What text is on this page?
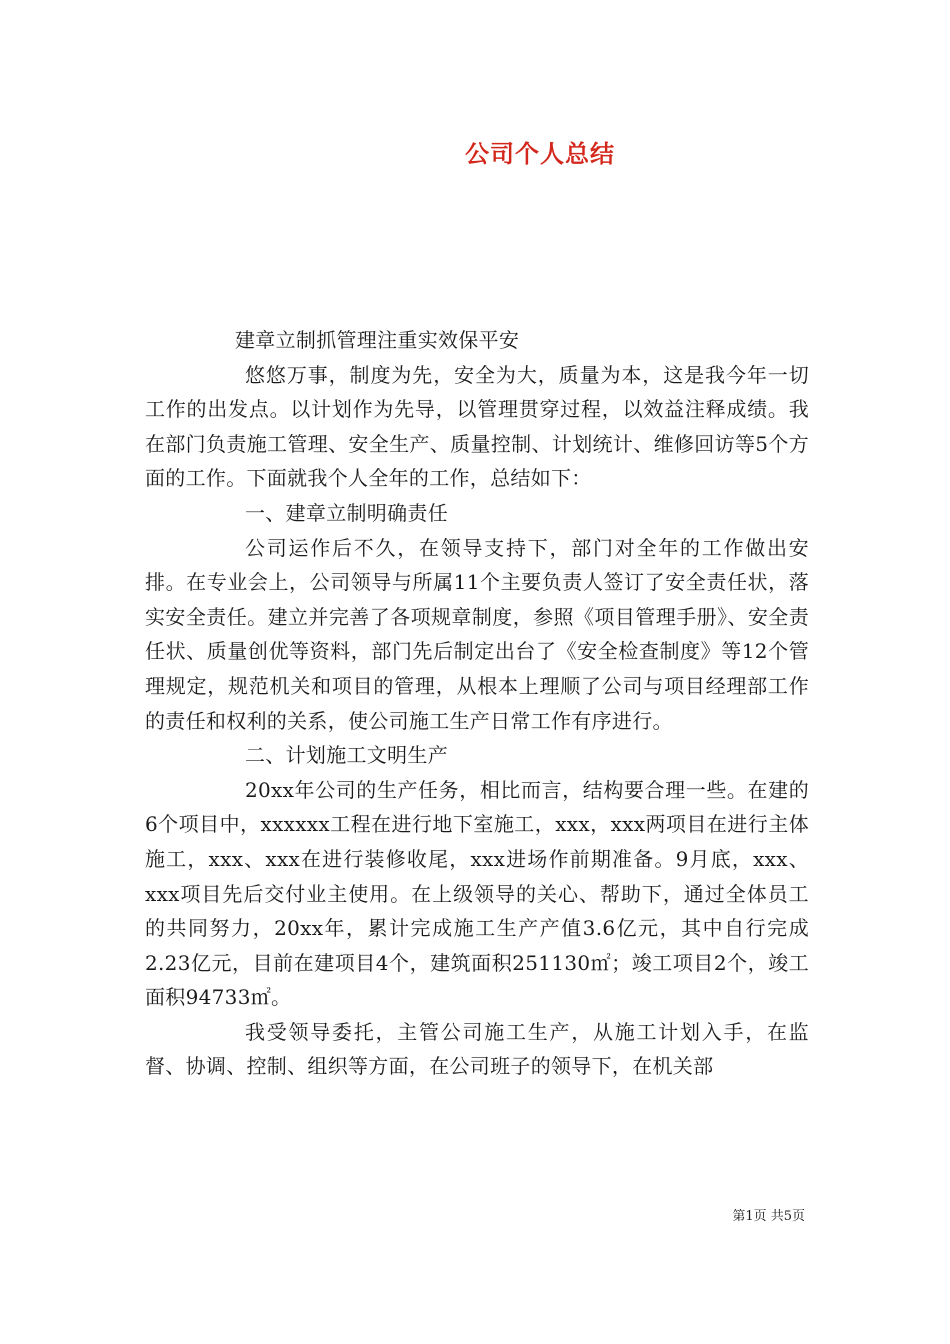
公司个人总结

建章立制抓管理注重实效保平安

悠悠万事，制度为先，安全为大，质量为本，这是我今年一切工作的出发点。以计划作为先导，以管理贯穿过程，以效益注释成绩。我在部门负责施工管理、安全生产、质量控制、计划统计、维修回访等5个方面的工作。下面就我个人全年的工作，总结如下：

一、建章立制明确责任

公司运作后不久，在领导支持下，部门对全年的工作做出安排。在专业会上，公司领导与所属11个主要负责人签订了安全责任状，落实安全责任。建立并完善了各项规章制度，参照《项目管理手册》、安全责任状、质量创优等资料，部门先后制定出台了《安全检查制度》等12个管理规定，规范机关和项目的管理，从根本上理顺了公司与项目经理部工作的责任和权利的关系，使公司施工生产日常工作有序进行。

二、计划施工文明生产

20xx年公司的生产任务，相比而言，结构要合理一些。在建的6个项目中，xxxxxx工程在进行地下室施工，xxx，xxx两项目在进行主体施工，xxx、xxx在进行装修收尾，xxx进场作前期准备。9月底，xxx、xxx项目先后交付业主使用。在上级领导的关心、帮助下，通过全体员工的共同努力，20xx年，累计完成施工生产产值3.6亿元，其中自行完成2.23亿元，目前在建项目4个，建筑面积251130㎡；竣工项目2个，竣工面积94733㎡。

我受领导委托，主管公司施工生产，从施工计划入手，在监督、协调、控制、组织等方面，在公司班子的领导下，在机关部

第1页 共5页
